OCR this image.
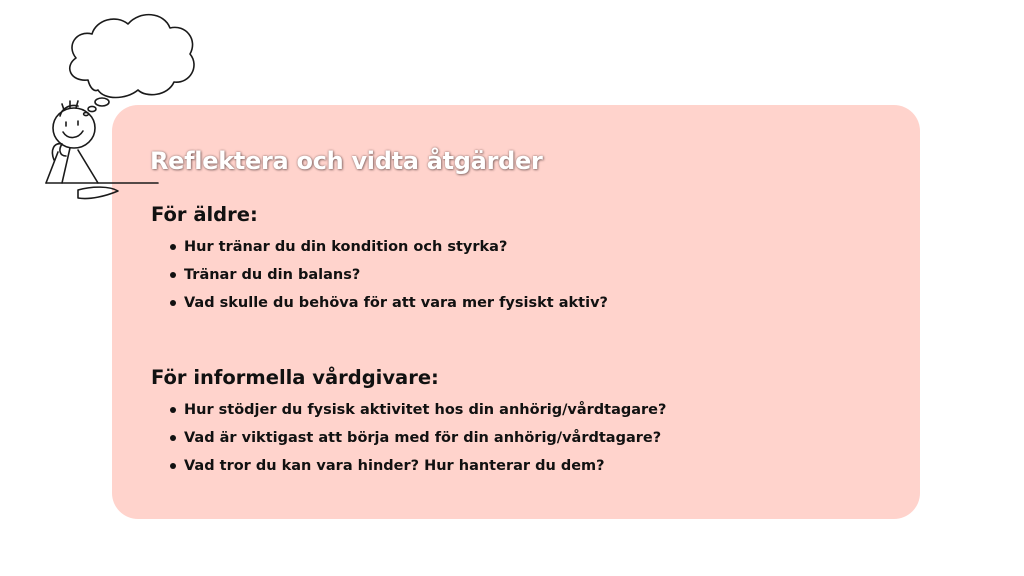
Reflektera och vidta åtgärder
För äldre:
Hur tränar du din kondition och styrka?
Tränar du din balans?
Vad skulle du behöva för att vara mer fysiskt aktiv?
För informella vårdgivare:
Hur stödjer du fysisk aktivitet hos din anhörig/vårdtagare?
Vad är viktigast att börja med för din anhörig/vårdtagare?
Vad tror du kan vara hinder? Hur hanterar du dem?
